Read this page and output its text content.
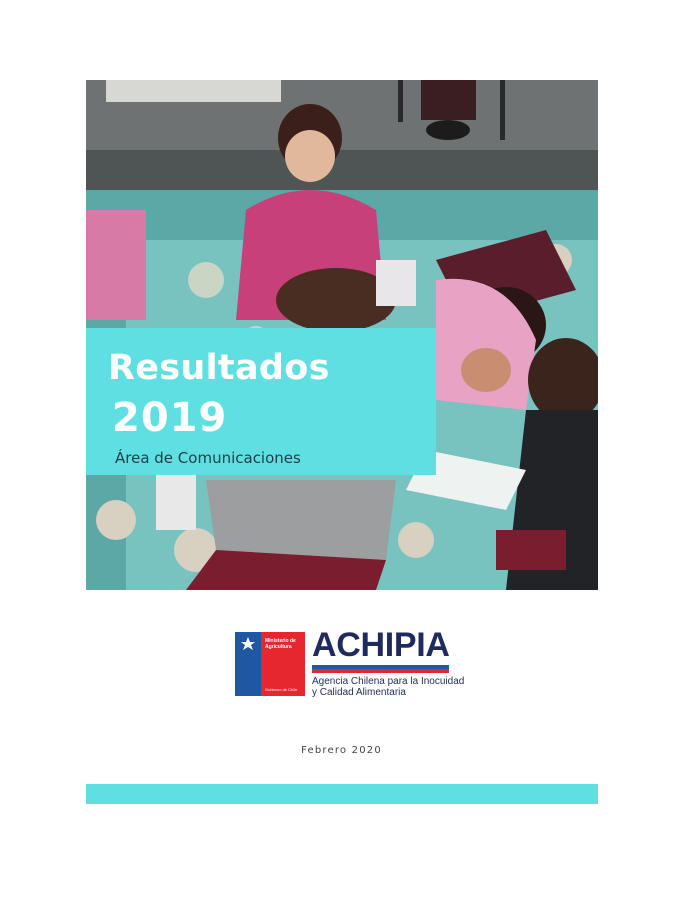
Resultados
2019
Área de Comunicaciones
Ministerio de
Agricultura
Gobierno de Chile
ACHIPIA
Agencia Chilena para la Inocuidad
y Calidad Alimentaria
Febrero 2020
